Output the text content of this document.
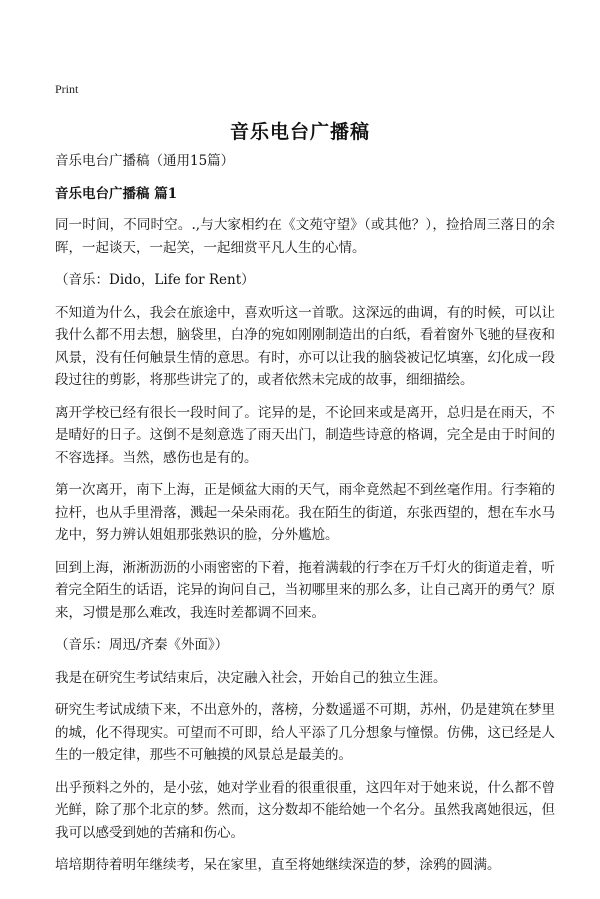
Print
音乐电台广播稿

音乐电台广播稿（通用15篇）

音乐电台广播稿 篇1

同一时间，不同时空。.,与大家相约在《文苑守望》（或其他？），捡拾周三落日的余晖，一起谈天，一起笑，一起细赏平凡人生的心情。

（音乐：Dido，Life for Rent）

不知道为什么，我会在旅途中，喜欢听这一首歌。这深远的曲调，有的时候，可以让我什么都不用去想，脑袋里，白净的宛如刚刚制造出的白纸，看着窗外飞驰的昼夜和风景，没有任何触景生情的意思。有时，亦可以让我的脑袋被记忆填塞，幻化成一段段过往的剪影，将那些讲完了的，或者依然未完成的故事，细细描绘。

离开学校已经有很长一段时间了。诧异的是，不论回来或是离开，总归是在雨天，不是晴好的日子。这倒不是刻意选了雨天出门，制造些诗意的格调，完全是由于时间的不容选择。当然，感伤也是有的。

第一次离开，南下上海，正是倾盆大雨的天气，雨伞竟然起不到丝毫作用。行李箱的拉杆，也从手里滑落，溅起一朵朵雨花。我在陌生的街道，东张西望的，想在车水马龙中，努力辨认姐姐那张熟识的脸，分外尴尬。

回到上海，淅淅沥沥的小雨密密的下着，拖着满载的行李在万千灯火的街道走着，听着完全陌生的话语，诧异的询问自己，当初哪里来的那么多，让自己离开的勇气？原来，习惯是那么难改，我连时差都调不回来。

（音乐：周迅/齐秦《外面》）

我是在研究生考试结束后，决定融入社会，开始自己的独立生涯。

研究生考试成绩下来，不出意外的，落榜，分数遥遥不可期，苏州，仍是建筑在梦里的城，化不得现实。可望而不可即，给人平添了几分想象与憧憬。仿佛，这已经是人生的一般定律，那些不可触摸的风景总是最美的。

出乎预料之外的，是小弦，她对学业看的很重很重，这四年对于她来说，什么都不曾光鲜，除了那个北京的梦。然而，这分数却不能给她一个名分。虽然我离她很远，但我可以感受到她的苦痛和伤心。

培培期待着明年继续考，呆在家里，直至将她继续深造的梦，涂鸦的圆满。
